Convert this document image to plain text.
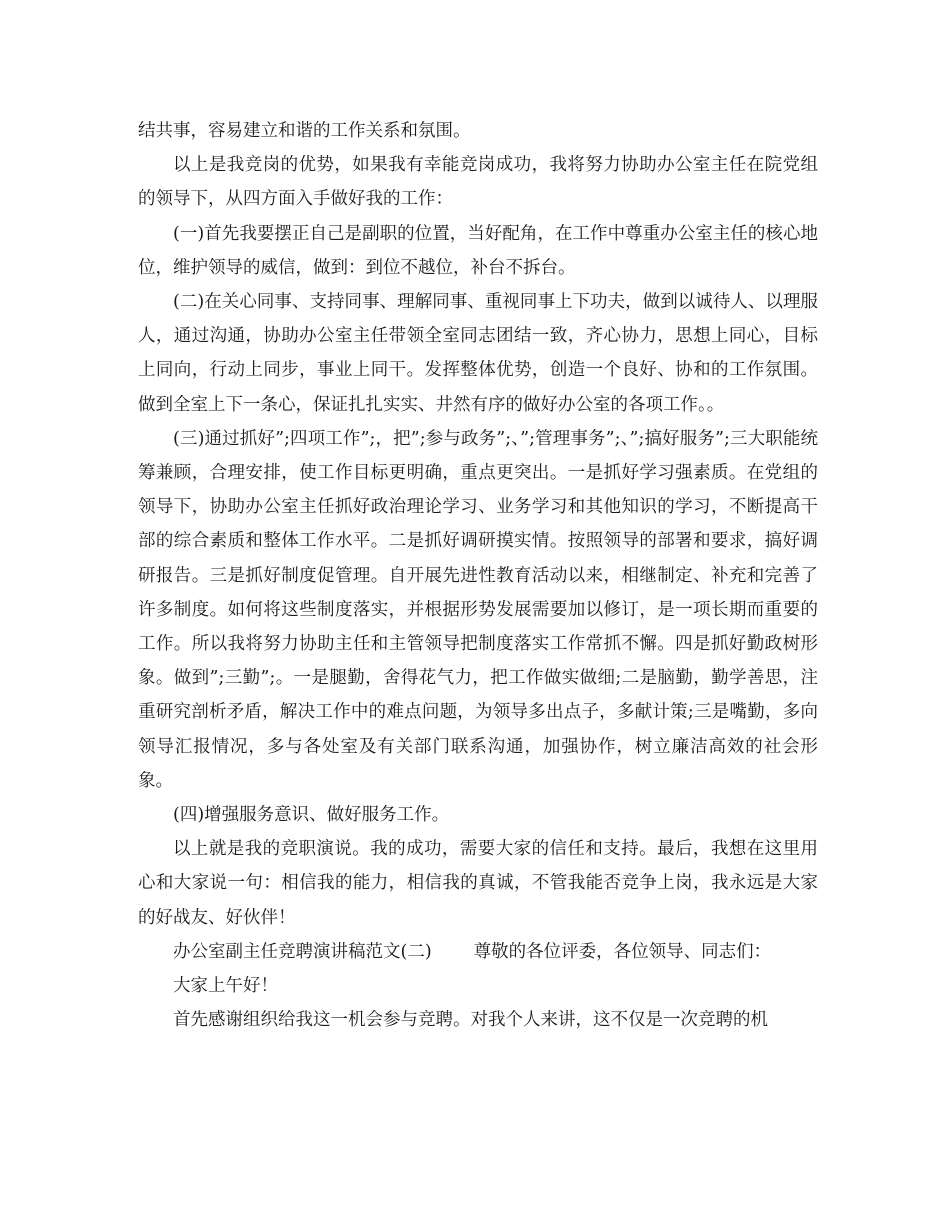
结共事，容易建立和谐的工作关系和氛围。

以上是我竞岗的优势，如果我有幸能竞岗成功，我将努力协助办公室主任在院党组的领导下，从四方面入手做好我的工作：

(一)首先我要摆正自己是副职的位置，当好配角，在工作中尊重办公室主任的核心地位，维护领导的威信，做到：到位不越位，补台不拆台。

(二)在关心同事、支持同事、理解同事、重视同事上下功夫，做到以诚待人、以理服人，通过沟通，协助办公室主任带领全室同志团结一致，齐心协力，思想上同心，目标上同向，行动上同步，事业上同干。发挥整体优势，创造一个良好、协和的工作氛围。做到全室上下一条心，保证扎扎实实、井然有序的做好办公室的各项工作。。

(三)通过抓好”;四项工作”;，把”;参与政务”;、”;管理事务”;、”;搞好服务”;三大职能统筹兼顾，合理安排，使工作目标更明确，重点更突出。一是抓好学习强素质。在党组的领导下，协助办公室主任抓好政治理论学习、业务学习和其他知识的学习，不断提高干部的综合素质和整体工作水平。二是抓好调研摸实情。按照领导的部署和要求，搞好调研报告。三是抓好制度促管理。自开展先进性教育活动以来，相继制定、补充和完善了许多制度。如何将这些制度落实，并根据形势发展需要加以修订，是一项长期而重要的工作。所以我将努力协助主任和主管领导把制度落实工作常抓不懈。四是抓好勤政树形象。做到”;三勤”;。一是腿勤，舍得花气力，把工作做实做细;二是脑勤，勤学善思，注重研究剖析矛盾，解决工作中的难点问题，为领导多出点子，多献计策;三是嘴勤，多向领导汇报情况，多与各处室及有关部门联系沟通，加强协作，树立廉洁高效的社会形象。

(四)增强服务意识、做好服务工作。

以上就是我的竞职演说。我的成功，需要大家的信任和支持。最后，我想在这里用心和大家说一句：相信我的能力，相信我的真诚，不管我能否竞争上岗，我永远是大家的好战友、好伙伴！

办公室副主任竞聘演讲稿范文(二) 尊敬的各位评委，各位领导、同志们：

大家上午好！

首先感谢组织给我这一机会参与竞聘。对我个人来讲，这不仅是一次竞聘的机
